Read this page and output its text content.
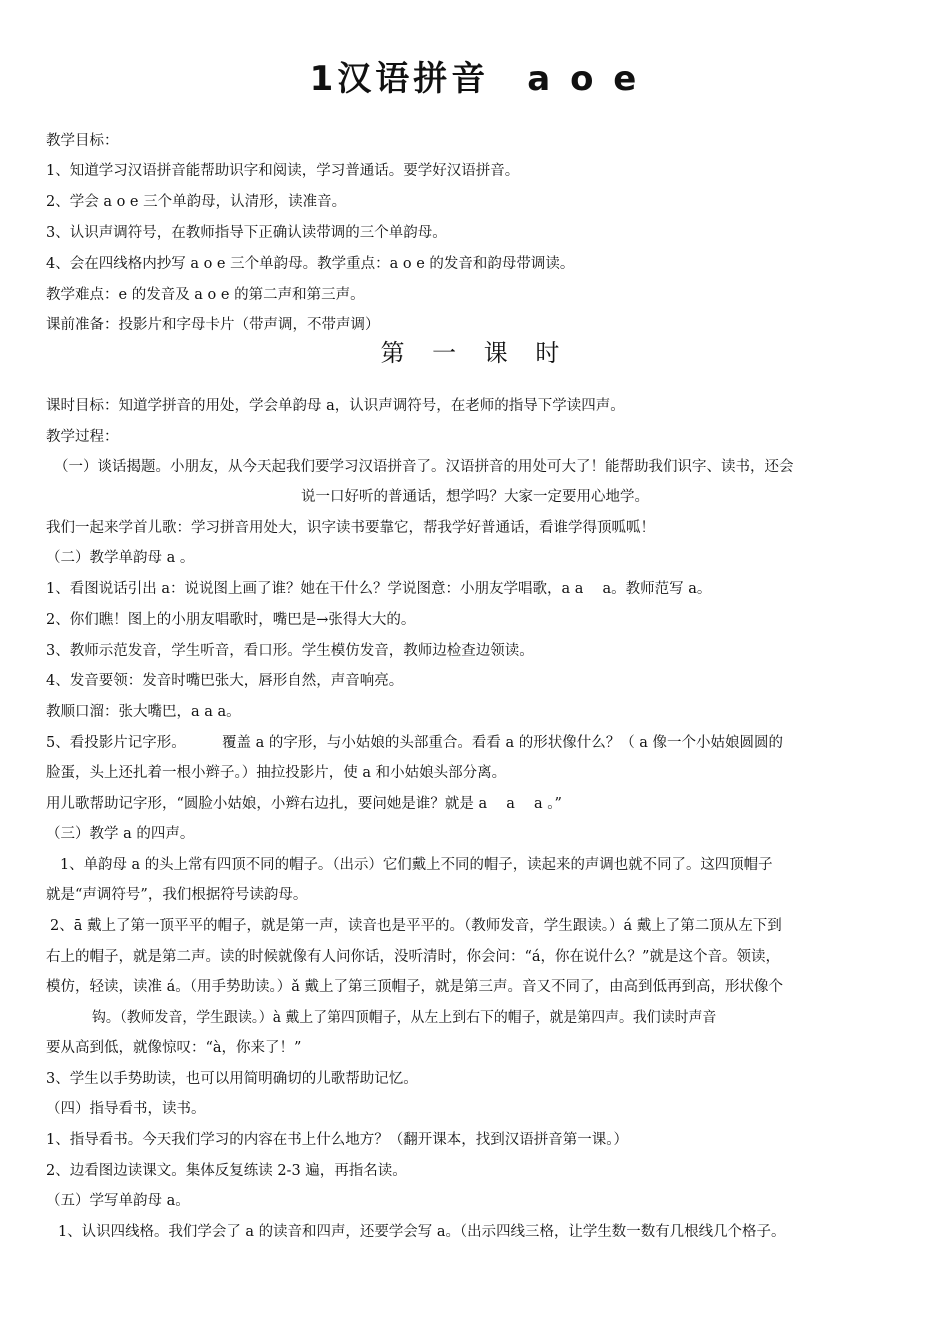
1汉语拼音　a o e
教学目标：
1、知道学习汉语拼音能帮助识字和阅读，学习普通话。要学好汉语拼音。
2、学会 a o e 三个单韵母，认清形，读准音。
3、认识声调符号，在教师指导下正确认读带调的三个单韵母。
4、会在四线格内抄写 a o e 三个单韵母。教学重点：a o e 的发音和韵母带调读。
教学难点：e 的发音及 a o e 的第二声和第三声。
课前准备：投影片和字母卡片（带声调，不带声调）
第 一 课 时
课时目标：知道学拼音的用处，学会单韵母 a，认识声调符号，在老师的指导下学读四声。
教学过程：
（一）谈话揭题。小朋友，从今天起我们要学习汉语拼音了。汉语拼音的用处可大了！能帮助我们识字、读书，还会
说一口好听的普通话，想学吗？大家一定要用心地学。
我们一起来学首儿歌：学习拼音用处大，识字读书要靠它，帮我学好普通话，看谁学得顶呱呱！
（二）教学单韵母 a 。
1、看图说话引出 a：说说图上画了谁？她在干什么？学说图意：小朋友学唱歌，a a　 a。教师范写 a。
2、你们瞧！图上的小朋友唱歌时，嘴巴是→张得大大的。
3、教师示范发音，学生听音，看口形。学生模仿发音，教师边检查边领读。
4、发音要领：发音时嘴巴张大，唇形自然，声音响亮。
教顺口溜：张大嘴巴，a a a。
5、看投影片记字形。　　　覆盖 a 的字形，与小姑娘的头部重合。看看 a 的形状像什么？（ a 像一个小姑娘圆圆的
脸蛋，头上还扎着一根小辫子。）抽拉投影片，使 a 和小姑娘头部分离。
用儿歌帮助记字形，“圆脸小姑娘，小辫右边扎，要问她是谁？就是 a　 a　 a 。”
（三）教学 a 的四声。
1、单韵母 a 的头上常有四顶不同的帽子。（出示）它们戴上不同的帽子，读起来的声调也就不同了。这四顶帽子
就是“声调符号”，我们根据符号读韵母。
2、ā 戴上了第一顶平平的帽子，就是第一声，读音也是平平的。（教师发音，学生跟读。）á 戴上了第二顶从左下到
右上的帽子，就是第二声。读的时候就像有人问你话，没听清时，你会问：“á，你在说什么？”就是这个音。领读，
模仿，轻读，读准 á。（用手势助读。）ǎ 戴上了第三顶帽子，就是第三声。音又不同了，由高到低再到高，形状像个
钩。（教师发音，学生跟读。）à 戴上了第四顶帽子，从左上到右下的帽子，就是第四声。我们读时声音
要从高到低，就像惊叹：“à，你来了！”
3、学生以手势助读，也可以用简明确切的儿歌帮助记忆。
（四）指导看书，读书。
1、指导看书。今天我们学习的内容在书上什么地方？（翻开课本，找到汉语拼音第一课。）
2、边看图边读课文。集体反复练读 2-3 遍，再指名读。
（五）学写单韵母 a。
1、认识四线格。我们学会了 a 的读音和四声，还要学会写 a。（出示四线三格，让学生数一数有几根线几个格子。
